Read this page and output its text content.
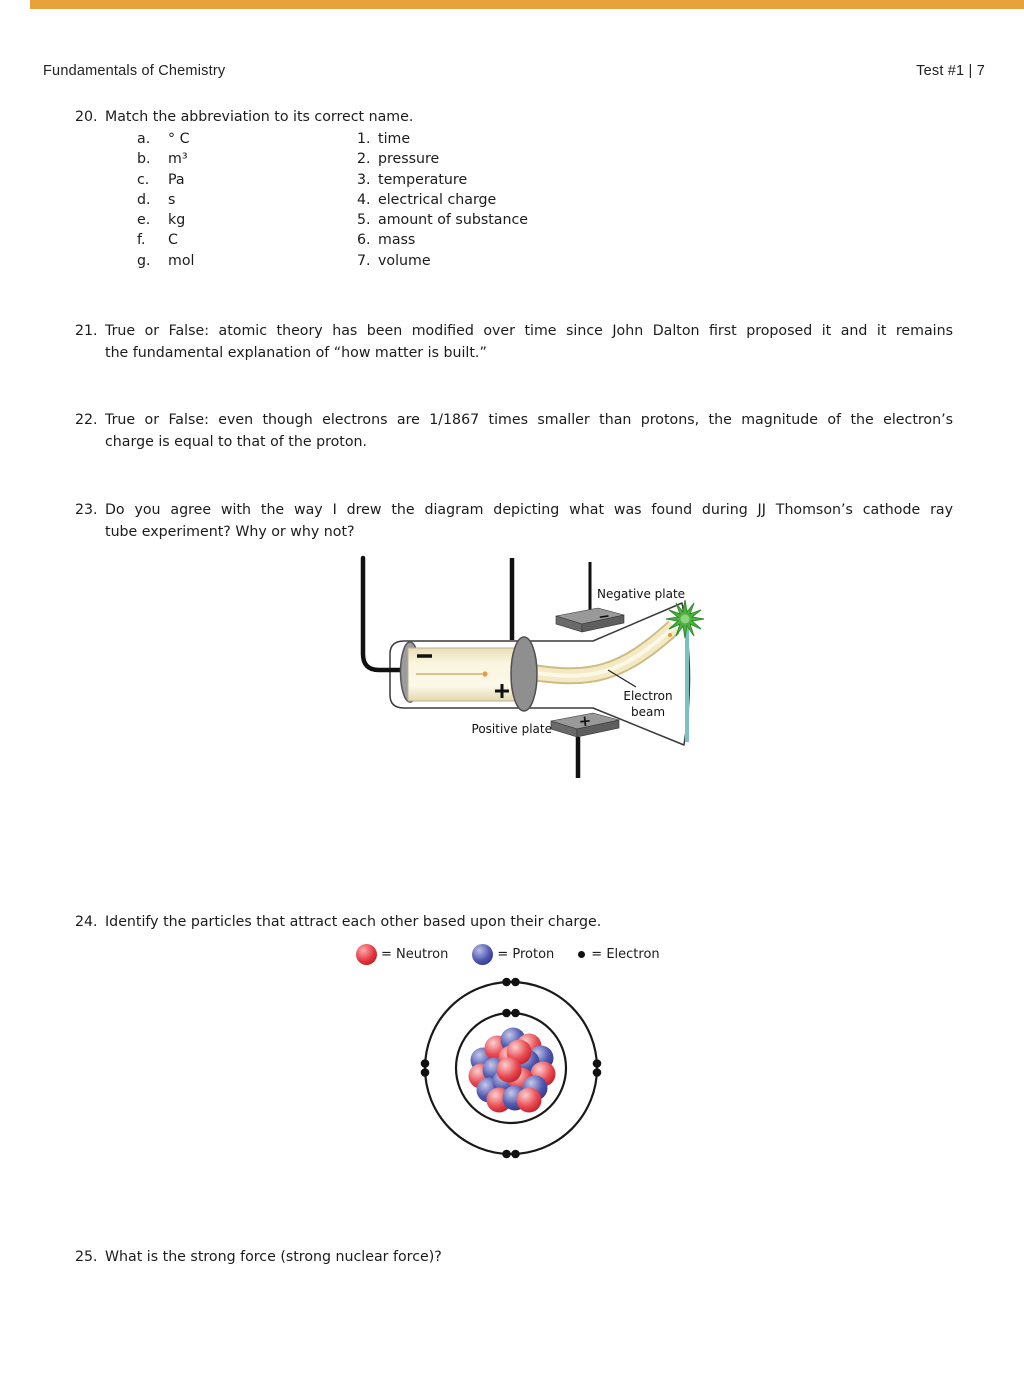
Fundamentals of Chemistry	Test #1 | 7
20. Match the abbreviation to its correct name.
a.	° C	1. time
b.	m³	2. pressure
c.	Pa	3. temperature
d.	s	4. electrical charge
e.	kg	5. amount of substance
f.	C	6. mass
g.	mol	7. volume
21. True or False: atomic theory has been modified over time since John Dalton first proposed it and it remains
the fundamental explanation of “how matter is built.”
22. True or False: even though electrons are 1/1867 times smaller than protons, the magnitude of the electron’s
charge is equal to that of the proton.
23. Do you agree with the way I drew the diagram depicting what was found during JJ Thomson’s cathode ray
tube experiment? Why or why not?
−
+
Negative plate
Electron
beam
Positive plate
24. Identify the particles that attract each other based upon their charge.
= Neutron	= Proton	= Electron
25. What is the strong force (strong nuclear force)?
